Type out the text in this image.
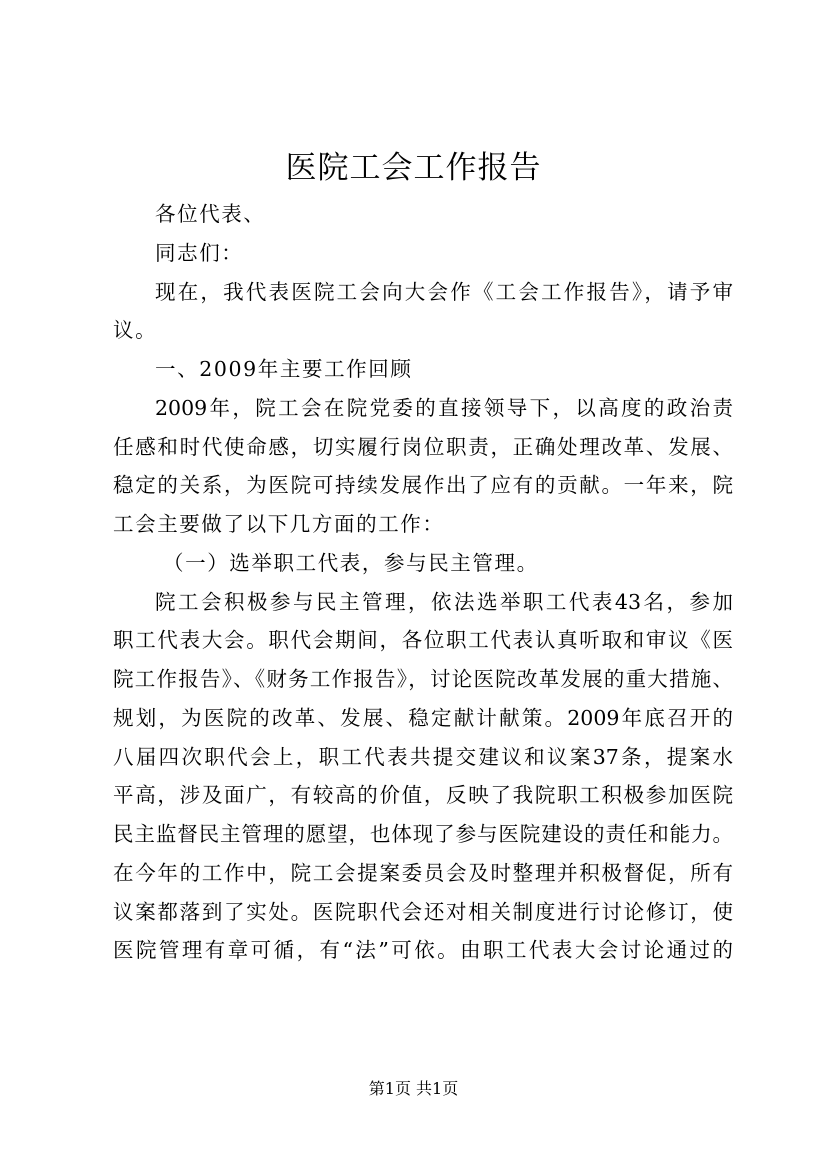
医院工会工作报告
各位代表、
同志们：
现在，我代表医院工会向大会作《工会工作报告》，请予审
议。
一、2009年主要工作回顾
2009年，院工会在院党委的直接领导下，以高度的政治责
任感和时代使命感，切实履行岗位职责，正确处理改革、发展、
稳定的关系，为医院可持续发展作出了应有的贡献。一年来，院
工会主要做了以下几方面的工作：
（一）选举职工代表，参与民主管理。
院工会积极参与民主管理，依法选举职工代表43名，参加
职工代表大会。职代会期间，各位职工代表认真听取和审议《医
院工作报告》、《财务工作报告》，讨论医院改革发展的重大措施、
规划，为医院的改革、发展、稳定献计献策。2009年底召开的
八届四次职代会上，职工代表共提交建议和议案37条，提案水
平高，涉及面广，有较高的价值，反映了我院职工积极参加医院
民主监督民主管理的愿望，也体现了参与医院建设的责任和能力。
在今年的工作中，院工会提案委员会及时整理并积极督促，所有
议案都落到了实处。医院职代会还对相关制度进行讨论修订，使
医院管理有章可循，有“法”可依。由职工代表大会讨论通过的
第1页 共1页
